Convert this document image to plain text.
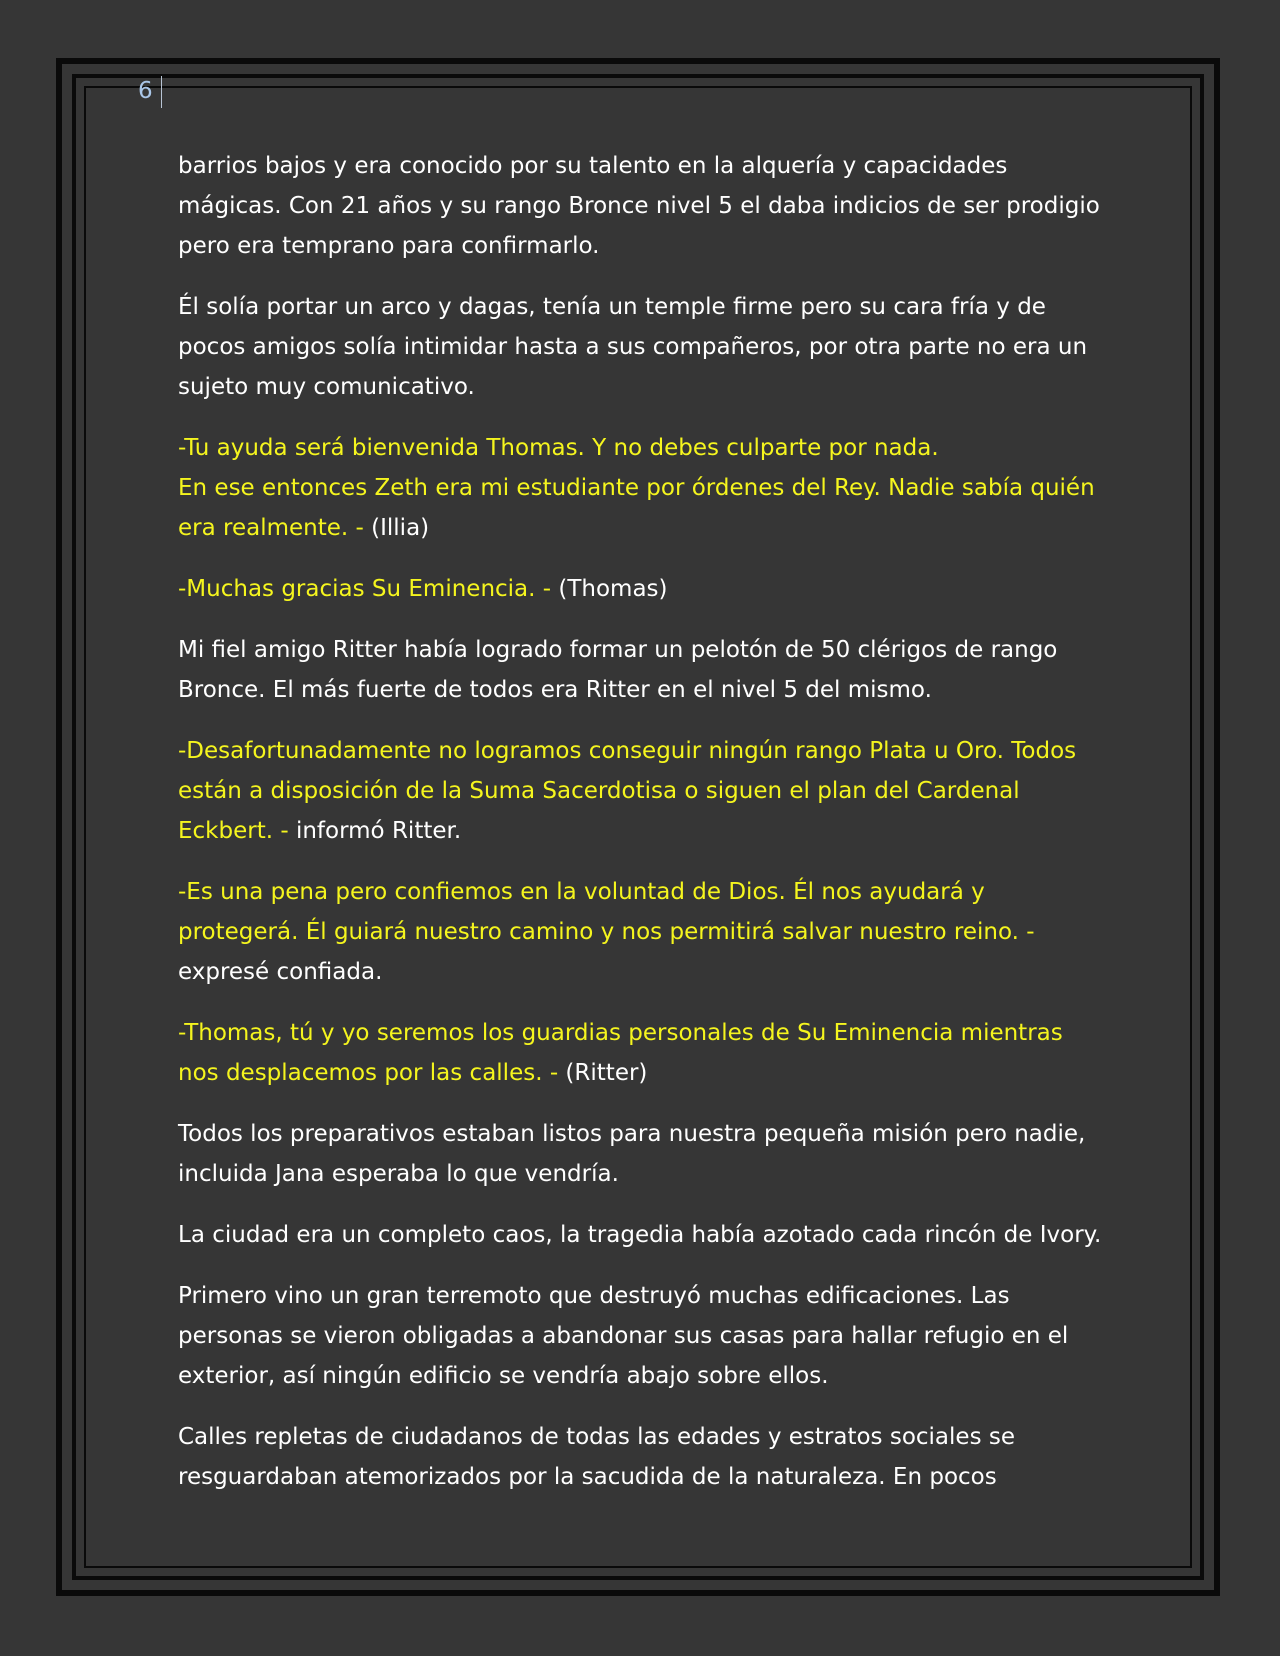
6

barrios bajos y era conocido por su talento en la alquería y capacidades mágicas. Con 21 años y su rango Bronce nivel 5 el daba indicios de ser prodigio pero era temprano para confirmarlo.

Él solía portar un arco y dagas, tenía un temple firme pero su cara fría y de pocos amigos solía intimidar hasta a sus compañeros, por otra parte no era un sujeto muy comunicativo.

-Tu ayuda será bienvenida Thomas. Y no debes culparte por nada.
En ese entonces Zeth era mi estudiante por órdenes del Rey. Nadie sabía quién era realmente. - (Illia)

-Muchas gracias Su Eminencia. - (Thomas)

Mi fiel amigo Ritter había logrado formar un pelotón de 50 clérigos de rango Bronce. El más fuerte de todos era Ritter en el nivel 5 del mismo.

-Desafortunadamente no logramos conseguir ningún rango Plata u Oro. Todos están a disposición de la Suma Sacerdotisa o siguen el plan del Cardenal Eckbert. - informó Ritter.

-Es una pena pero confiemos en la voluntad de Dios. Él nos ayudará y protegerá. Él guiará nuestro camino y nos permitirá salvar nuestro reino. - expresé confiada.

-Thomas, tú y yo seremos los guardias personales de Su Eminencia mientras nos desplacemos por las calles. - (Ritter)

Todos los preparativos estaban listos para nuestra pequeña misión pero nadie, incluida Jana esperaba lo que vendría.

La ciudad era un completo caos, la tragedia había azotado cada rincón de Ivory.

Primero vino un gran terremoto que destruyó muchas edificaciones. Las personas se vieron obligadas a abandonar sus casas para hallar refugio en el exterior, así ningún edificio se vendría abajo sobre ellos.

Calles repletas de ciudadanos de todas las edades y estratos sociales se resguardaban atemorizados por la sacudida de la naturaleza. En pocos
